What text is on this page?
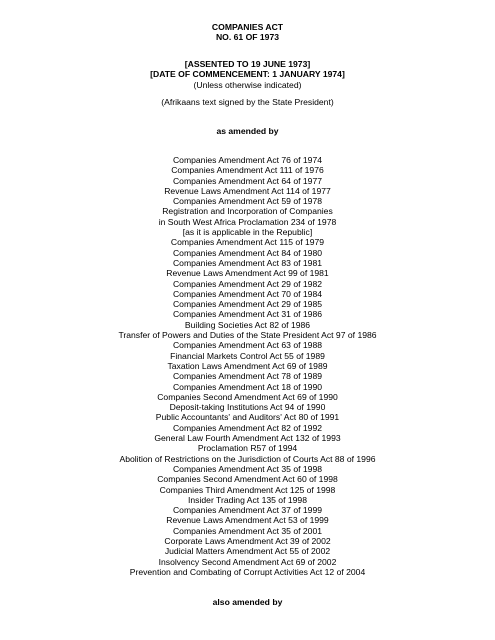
COMPANIES ACT
NO. 61 OF 1973
[ASSENTED TO 19 JUNE 1973]
[DATE OF COMMENCEMENT: 1 JANUARY 1974]
(Unless otherwise indicated)
(Afrikaans text signed by the State President)
as amended by
Companies Amendment Act 76 of 1974
Companies Amendment Act 111 of 1976
Companies Amendment Act 64 of 1977
Revenue Laws Amendment Act 114 of 1977
Companies Amendment Act 59 of 1978
Registration and Incorporation of Companies
in South West Africa Proclamation 234 of 1978
[as it is applicable in the Republic]
Companies Amendment Act 115 of 1979
Companies Amendment Act 84 of 1980
Companies Amendment Act 83 of 1981
Revenue Laws Amendment Act 99 of 1981
Companies Amendment Act 29 of 1982
Companies Amendment Act 70 of 1984
Companies Amendment Act 29 of 1985
Companies Amendment Act 31 of 1986
Building Societies Act 82 of 1986
Transfer of Powers and Duties of the State President Act 97 of 1986
Companies Amendment Act 63 of 1988
Financial Markets Control Act 55 of 1989
Taxation Laws Amendment Act 69 of 1989
Companies Amendment Act 78 of 1989
Companies Amendment Act 18 of 1990
Companies Second Amendment Act 69 of 1990
Deposit-taking Institutions Act 94 of 1990
Public Accountants' and Auditors' Act 80 of 1991
Companies Amendment Act 82 of 1992
General Law Fourth Amendment Act 132 of 1993
Proclamation R57 of 1994
Abolition of Restrictions on the Jurisdiction of Courts Act 88 of 1996
Companies Amendment Act 35 of 1998
Companies Second Amendment Act 60 of 1998
Companies Third Amendment Act 125 of 1998
Insider Trading Act 135 of 1998
Companies Amendment Act 37 of 1999
Revenue Laws Amendment Act 53 of 1999
Companies Amendment Act 35 of 2001
Corporate Laws Amendment Act 39 of 2002
Judicial Matters Amendment Act 55 of 2002
Insolvency Second Amendment Act 69 of 2002
Prevention and Combating of Corrupt Activities Act 12 of 2004
also amended by
